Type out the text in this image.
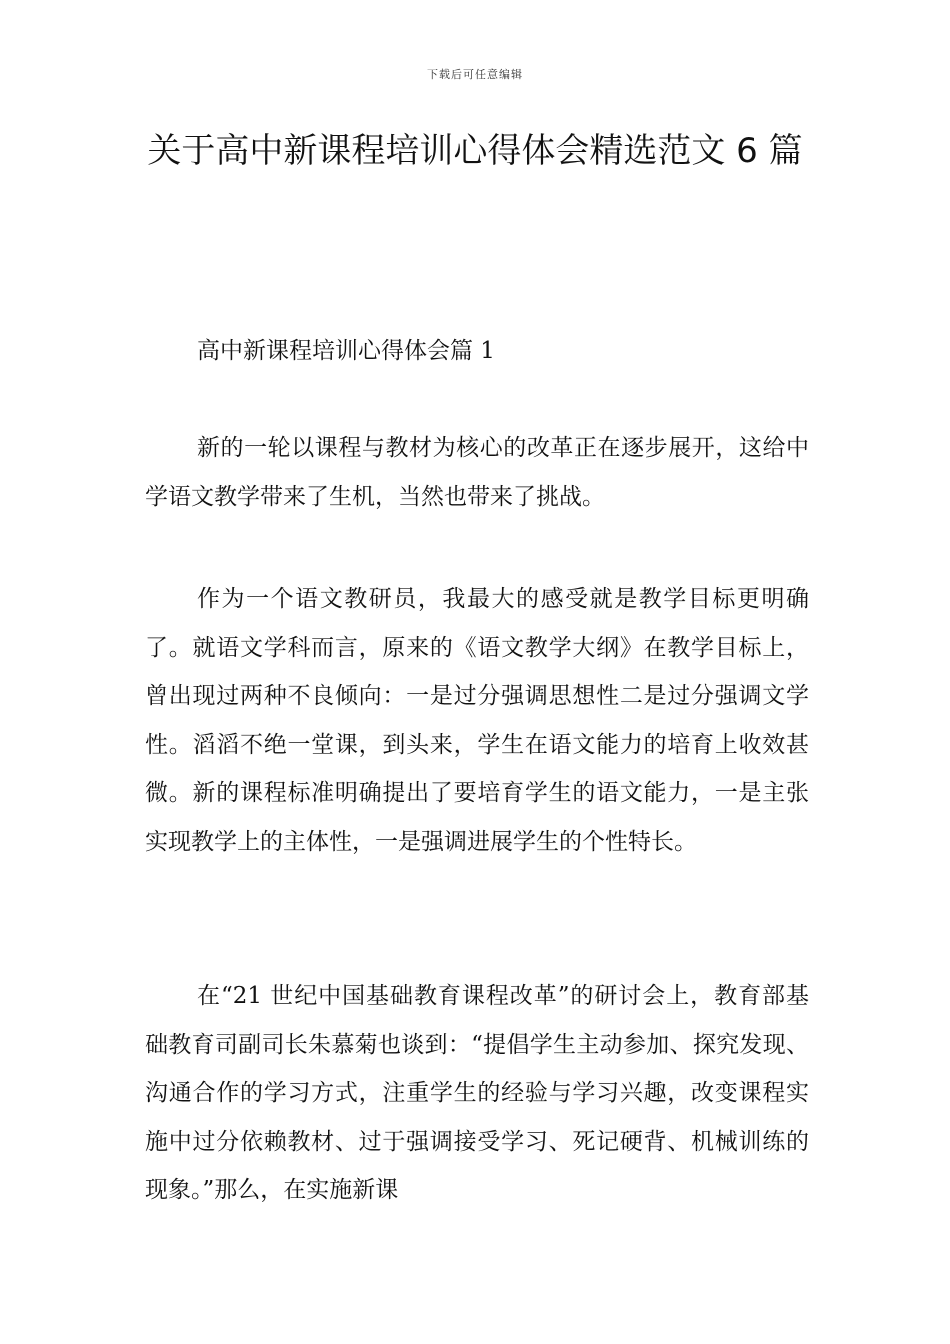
下载后可任意编辑
关于高中新课程培训心得体会精选范文 6 篇
高中新课程培训心得体会篇 1

新的一轮以课程与教材为核心的改革正在逐步展开，这给中学语文教学带来了生机，当然也带来了挑战。

作为一个语文教研员，我最大的感受就是教学目标更明确了。就语文学科而言，原来的《语文教学大纲》在教学目标上，曾出现过两种不良倾向：一是过分强调思想性二是过分强调文学性。滔滔不绝一堂课，到头来，学生在语文能力的培育上收效甚微。新的课程标准明确提出了要培育学生的语文能力，一是主张实现教学上的主体性，一是强调进展学生的个性特长。

在“21 世纪中国基础教育课程改革”的研讨会上，教育部基础教育司副司长朱慕菊也谈到：“提倡学生主动参加、探究发现、沟通合作的学习方式，注重学生的经验与学习兴趣，改变课程实施中过分依赖教材、过于强调接受学习、死记硬背、机械训练的现象。”那么，在实施新课
